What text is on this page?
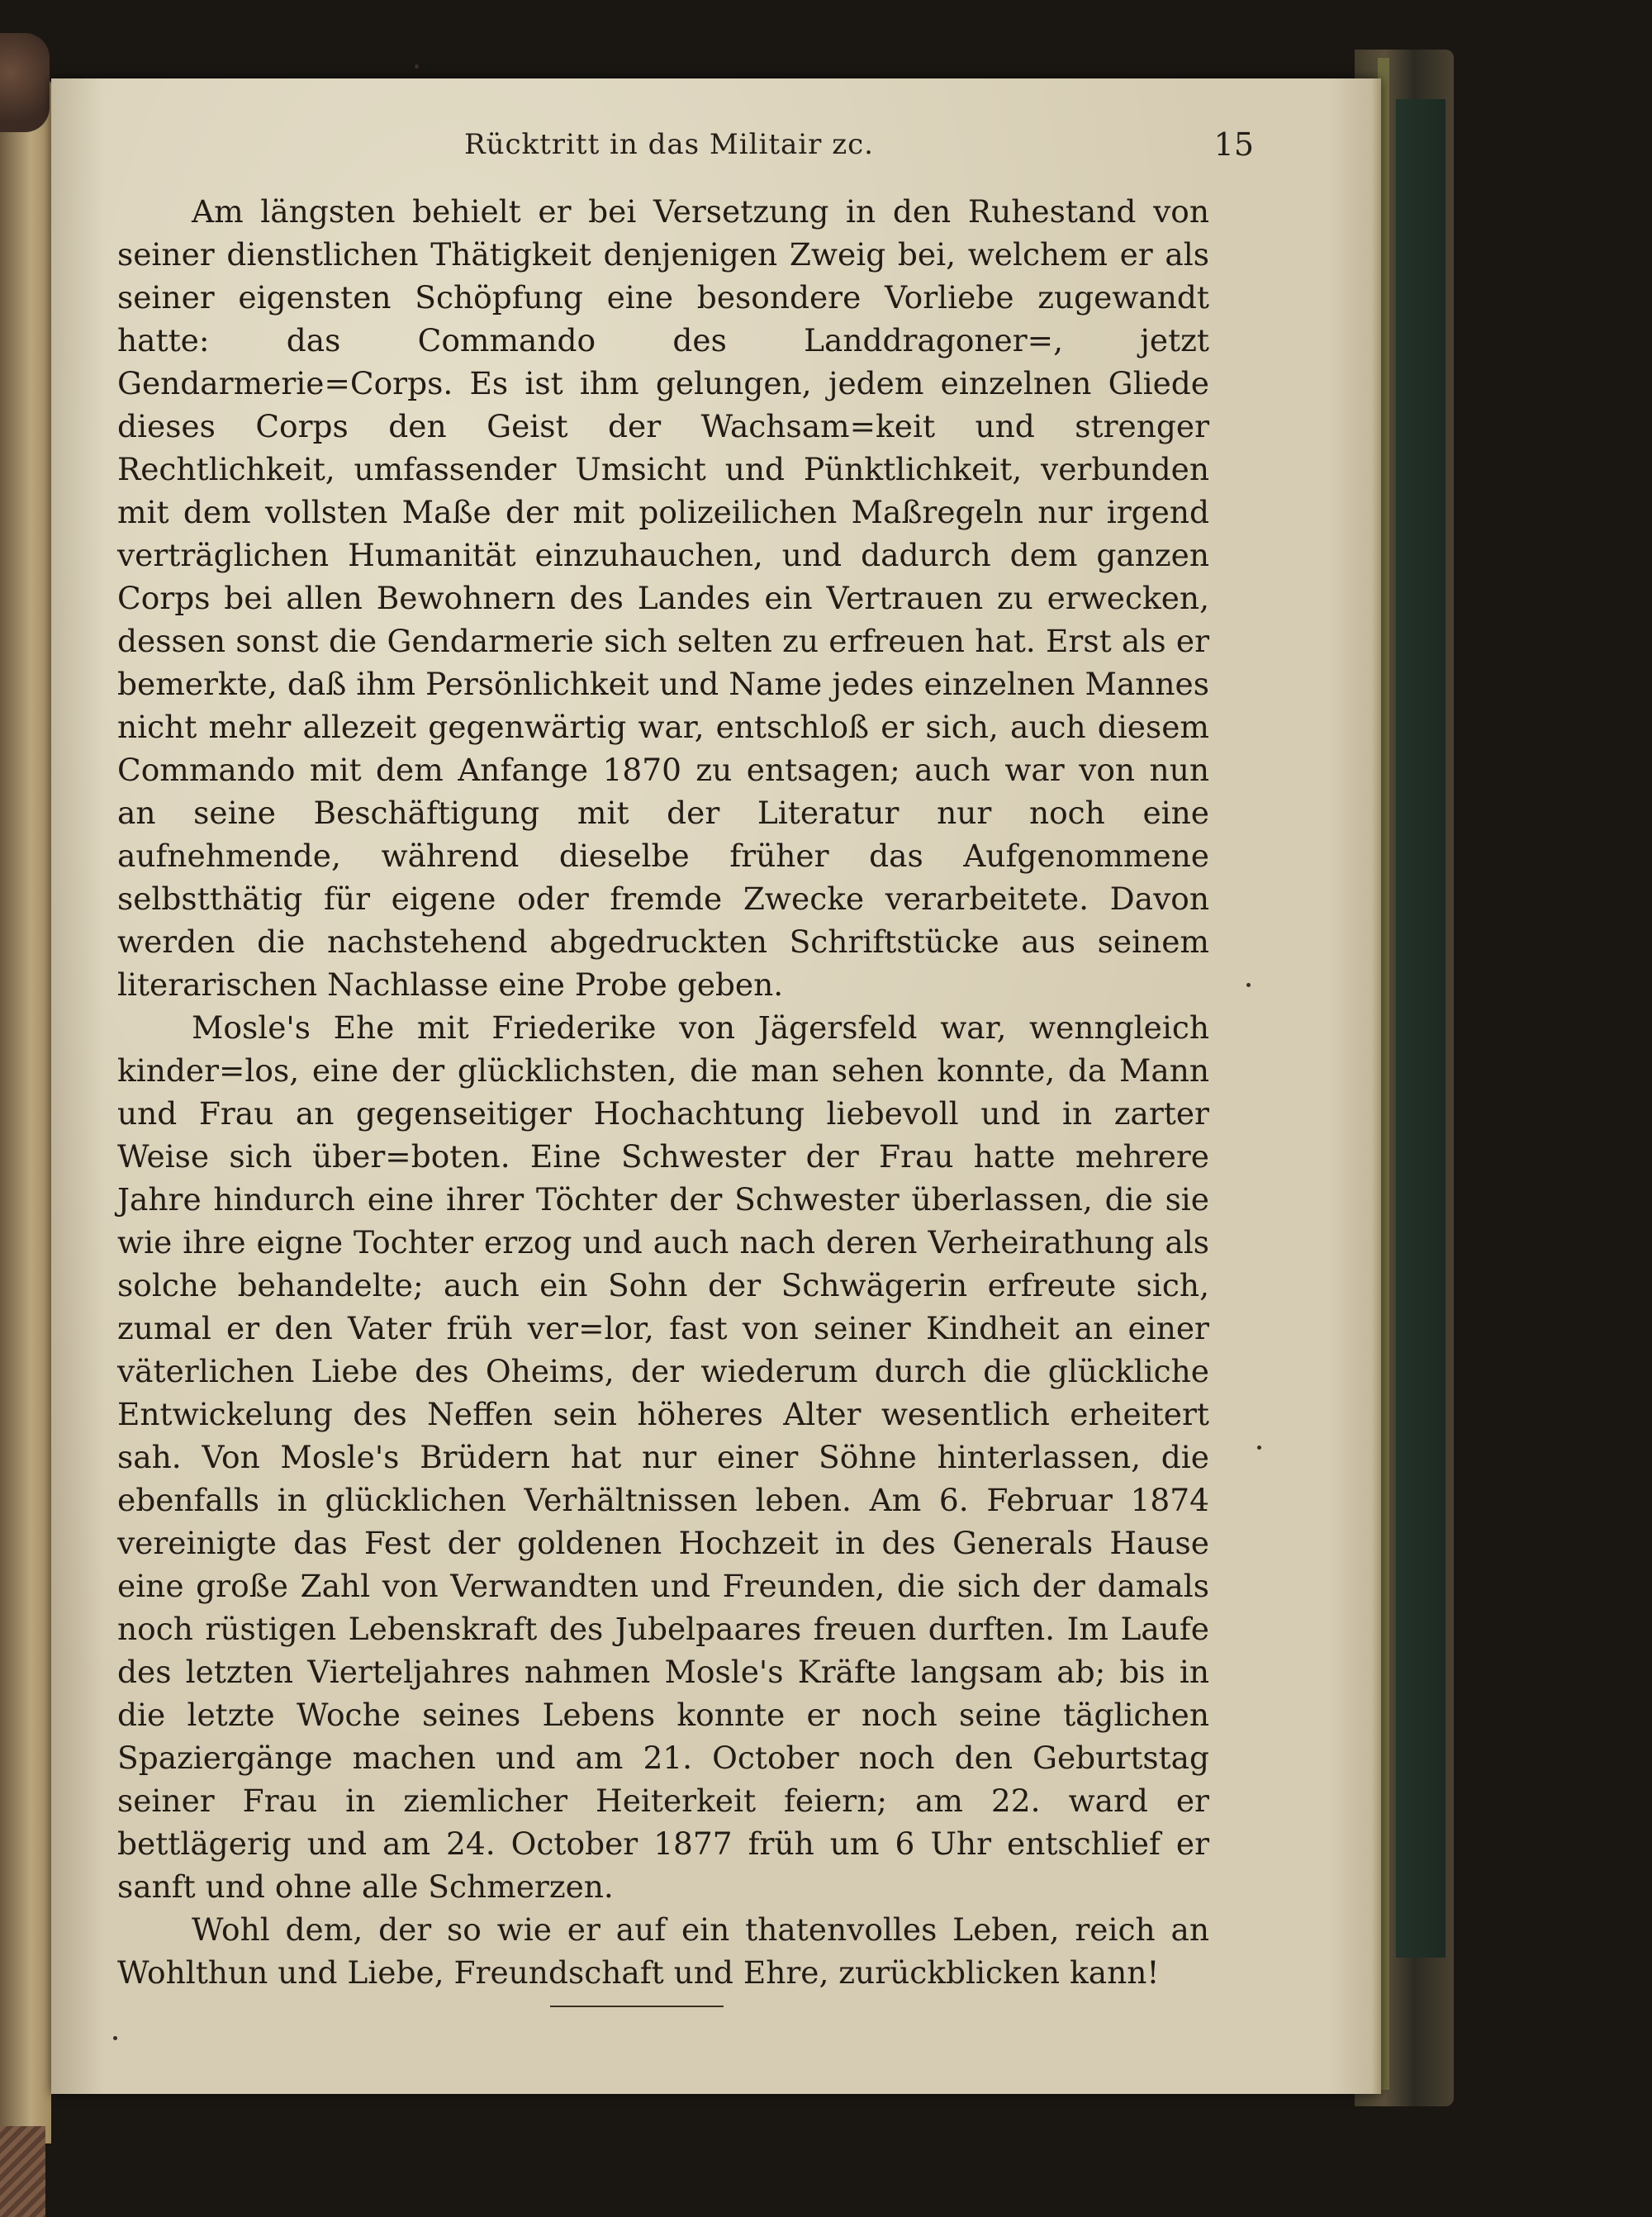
Rücktritt in das Militair zc.	15

Am längsten behielt er bei Versetzung in den Ruhestand von seiner dienstlichen Thätigkeit denjenigen Zweig bei, welchem er als seiner eigensten Schöpfung eine besondere Vorliebe zugewandt hatte: das Commando des Landdragoner=, jetzt Gendarmerie=Corps. Es ist ihm gelungen, jedem einzelnen Gliede dieses Corps den Geist der Wachsam=keit und strenger Rechtlichkeit, umfassender Umsicht und Pünktlichkeit, verbunden mit dem vollsten Maße der mit polizeilichen Maßregeln nur irgend verträglichen Humanität einzuhauchen, und dadurch dem ganzen Corps bei allen Bewohnern des Landes ein Vertrauen zu erwecken, dessen sonst die Gendarmerie sich selten zu erfreuen hat. Erst als er bemerkte, daß ihm Persönlichkeit und Name jedes einzelnen Mannes nicht mehr allezeit gegenwärtig war, entschloß er sich, auch diesem Commando mit dem Anfange 1870 zu entsagen; auch war von nun an seine Beschäftigung mit der Literatur nur noch eine aufnehmende, während dieselbe früher das Aufgenommene selbstthätig für eigene oder fremde Zwecke verarbeitete. Davon werden die nachstehend abgedruckten Schriftstücke aus seinem literarischen Nachlasse eine Probe geben.

Mosle's Ehe mit Friederike von Jägersfeld war, wenngleich kinder=los, eine der glücklichsten, die man sehen konnte, da Mann und Frau an gegenseitiger Hochachtung liebevoll und in zarter Weise sich über=boten. Eine Schwester der Frau hatte mehrere Jahre hindurch eine ihrer Töchter der Schwester überlassen, die sie wie ihre eigne Tochter erzog und auch nach deren Verheirathung als solche behandelte; auch ein Sohn der Schwägerin erfreute sich, zumal er den Vater früh ver=lor, fast von seiner Kindheit an einer väterlichen Liebe des Oheims, der wiederum durch die glückliche Entwickelung des Neffen sein höheres Alter wesentlich erheitert sah. Von Mosle's Brüdern hat nur einer Söhne hinterlassen, die ebenfalls in glücklichen Verhältnissen leben. Am 6. Februar 1874 vereinigte das Fest der goldenen Hochzeit in des Generals Hause eine große Zahl von Verwandten und Freunden, die sich der damals noch rüstigen Lebenskraft des Jubelpaares freuen durften. Im Laufe des letzten Vierteljahres nahmen Mosle's Kräfte langsam ab; bis in die letzte Woche seines Lebens konnte er noch seine täglichen Spaziergänge machen und am 21. October noch den Geburtstag seiner Frau in ziemlicher Heiterkeit feiern; am 22. ward er bettlägerig und am 24. October 1877 früh um 6 Uhr entschlief er sanft und ohne alle Schmerzen.

Wohl dem, der so wie er auf ein thatenvolles Leben, reich an Wohlthun und Liebe, Freundschaft und Ehre, zurückblicken kann!
